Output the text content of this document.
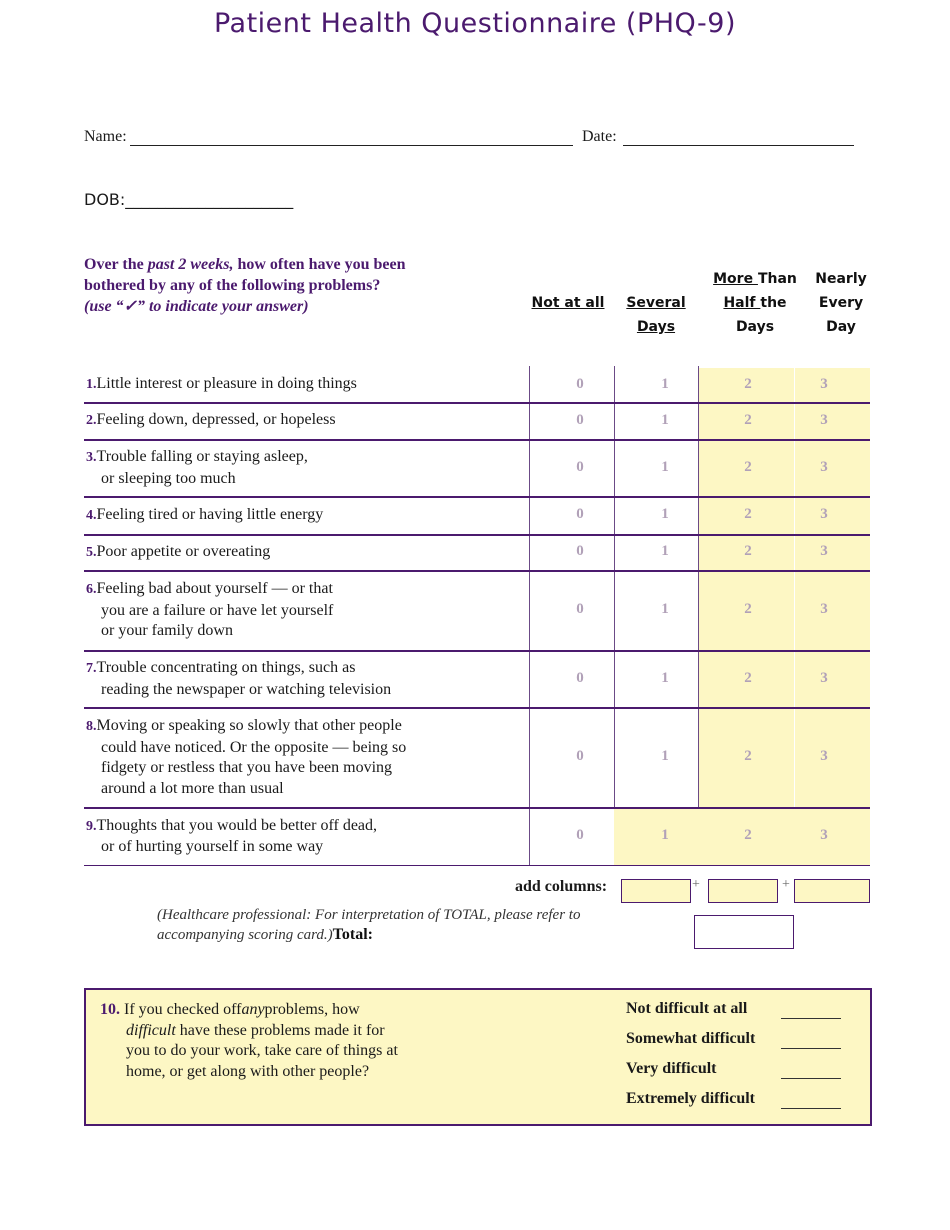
Patient Health Questionnaire (PHQ-9)
Name:	Date:
DOB:_____________________
Over the past 2 weeks, how often have you been
bothered by any of the following problems?
(use “✓” to indicate your answer)	Not at all	Several
Days
More Than
Half the
Days
Nearly
Every
Day
1.Little interest or pleasure in doing things	0	1	2	3
2.Feeling down, depressed, or hopeless	0	1	2	3
3.Trouble falling or staying asleep,
or sleeping too much
0	1	2	3
4.Feeling tired or having little energy	0	1	2	3
5.Poor appetite or overeating	0	1	2	3
6.Feeling bad about yourself — or that
you are a failure or have let yourself
or your family down
0	1	2	3
7.Trouble concentrating on things, such as
reading the newspaper or watching television
0	1	2	3
8.Moving or speaking so slowly that other people
could have noticed. Or the opposite — being so
fidgety or restless that you have been moving
around a lot more than usual
0	1	2	3
9.Thoughts that you would be better off dead,
or of hurting yourself in some way
0	1	2	3
add columns:	+	+
(Healthcare professional: For interpretation of TOTAL, please refer to
accompanying scoring card.)Total:
10. If you checked offanyproblems, how
difficult have these problems made it for
you to do your work, take care of things at
home, or get along with other people?
Not difficult at all
Somewhat difficult
Very difficult
Extremely difficult
